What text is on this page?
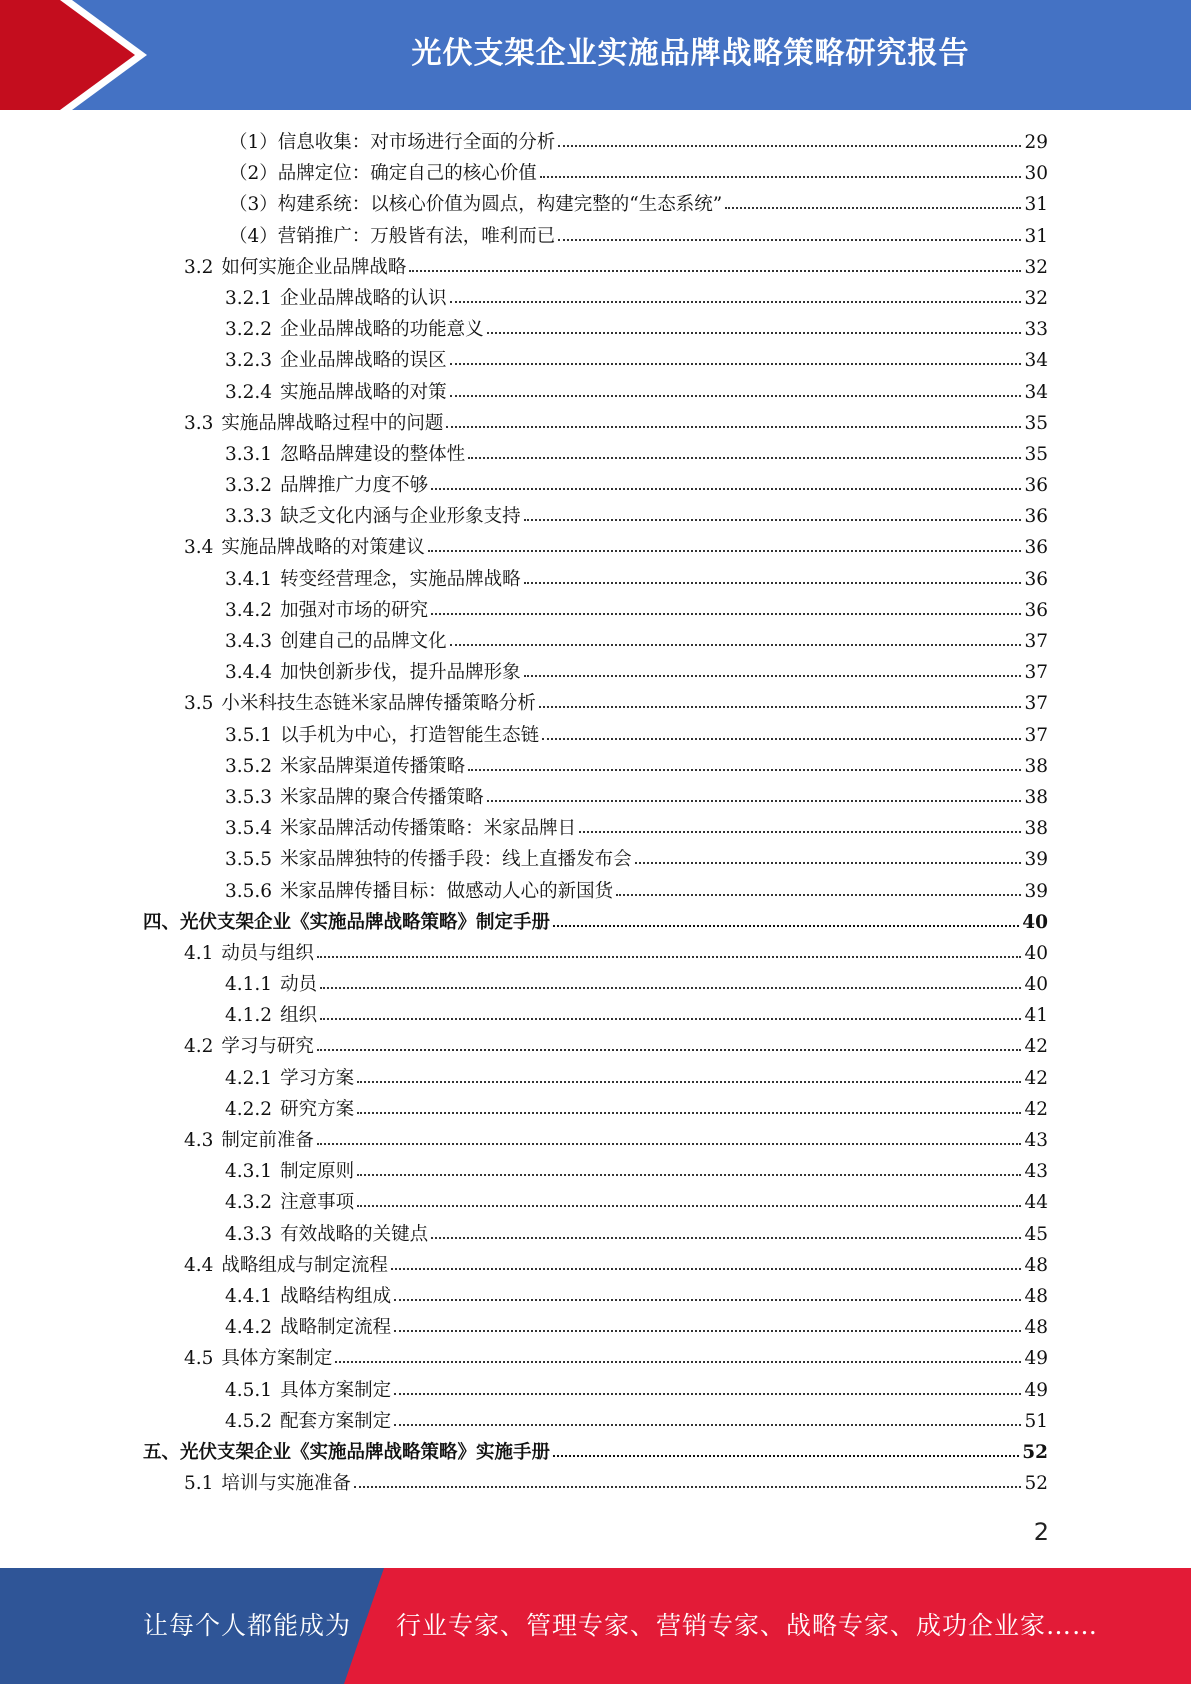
光伏支架企业实施品牌战略策略研究报告
（1）信息收集：对市场进行全面的分析	29
（2）品牌定位：确定自己的核心价值	30
（3）构建系统：以核心价值为圆点，构建完整的“生态系统”	31
（4）营销推广：万般皆有法，唯利而已	31
3.2 如何实施企业品牌战略	32
3.2.1 企业品牌战略的认识	32
3.2.2 企业品牌战略的功能意义	33
3.2.3 企业品牌战略的误区	34
3.2.4 实施品牌战略的对策	34
3.3 实施品牌战略过程中的问题	35
3.3.1 忽略品牌建设的整体性	35
3.3.2 品牌推广力度不够	36
3.3.3 缺乏文化内涵与企业形象支持	36
3.4 实施品牌战略的对策建议	36
3.4.1 转变经营理念，实施品牌战略	36
3.4.2 加强对市场的研究	36
3.4.3 创建自己的品牌文化	37
3.4.4 加快创新步伐，提升品牌形象	37
3.5 小米科技生态链米家品牌传播策略分析	37
3.5.1 以手机为中心，打造智能生态链	37
3.5.2 米家品牌渠道传播策略	38
3.5.3 米家品牌的聚合传播策略	38
3.5.4 米家品牌活动传播策略：米家品牌日	38
3.5.5 米家品牌独特的传播手段：线上直播发布会	39
3.5.6 米家品牌传播目标：做感动人心的新国货	39
四、光伏支架企业《实施品牌战略策略》制定手册	40
4.1 动员与组织	40
4.1.1 动员	40
4.1.2 组织	41
4.2 学习与研究	42
4.2.1 学习方案	42
4.2.2 研究方案	42
4.3 制定前准备	43
4.3.1 制定原则	43
4.3.2 注意事项	44
4.3.3 有效战略的关键点	45
4.4 战略组成与制定流程	48
4.4.1 战略结构组成	48
4.4.2 战略制定流程	48
4.5 具体方案制定	49
4.5.1 具体方案制定	49
4.5.2 配套方案制定	51
五、光伏支架企业《实施品牌战略策略》实施手册	52
5.1 培训与实施准备	52
2
让每个人都能成为 行业专家、管理专家、营销专家、战略专家、成功企业家……
